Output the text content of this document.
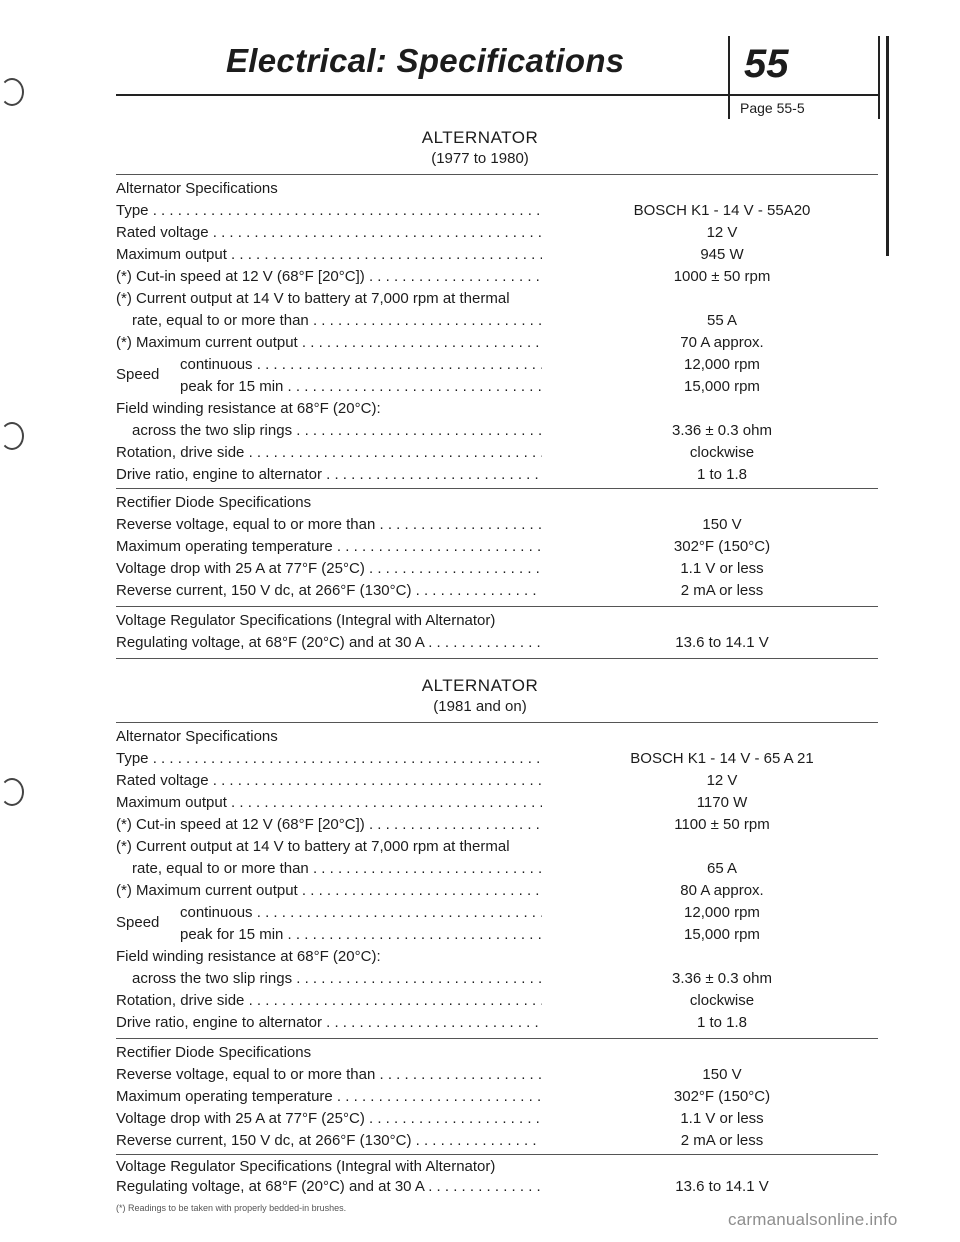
Electrical: Specifications	55
Page 55-5
ALTERNATOR
(1977 to 1980)
Alternator Specifications
Type . . .	BOSCH K1 - 14 V - 55A20
Rated voltage . . .	12 V
Maximum output . . .	945 W
(*) Cut-in speed at 12 V (68°F [20°C]) . . .	1000 ± 50 rpm
(*) Current output at 14 V to battery at 7,000 rpm at thermal
rate, equal to or more than . . .	55 A
(*) Maximum current output . . .	70 A approx.
Speed
continuous . . .	12,000 rpm
peak for 15 min . . .	15,000 rpm
Field winding resistance at 68°F (20°C):
across the two slip rings . . .	3.36 ± 0.3 ohm
Rotation, drive side . . .	clockwise
Drive ratio, engine to alternator . . .	1 to 1.8
Rectifier Diode Specifications
Reverse voltage, equal to or more than . . .	150 V
Maximum operating temperature . . .	302°F (150°C)
Voltage drop with 25 A at 77°F (25°C) . . .	1.1 V or less
Reverse current, 150 V dc, at 266°F (130°C) . . .	2 mA or less
Voltage Regulator Specifications (Integral with Alternator)
Regulating voltage, at 68°F (20°C) and at 30 A . . .	13.6 to 14.1 V
ALTERNATOR
(1981 and on)
Alternator Specifications
Type . . .	BOSCH K1 - 14 V - 65 A 21
Rated voltage . . .	12 V
Maximum output . . .	1170 W
(*) Cut-in speed at 12 V (68°F [20°C]) . . .	1100 ± 50 rpm
(*) Current output at 14 V to battery at 7,000 rpm at thermal
rate, equal to or more than . . .	65 A
(*) Maximum current output . . .	80 A approx.
Speed
continuous . . .	12,000 rpm
peak for 15 min . . .	15,000 rpm
Field winding resistance at 68°F (20°C):
across the two slip rings . . .	3.36 ± 0.3 ohm
Rotation, drive side . . .	clockwise
Drive ratio, engine to alternator . . .	1 to 1.8
Rectifier Diode Specifications
Reverse voltage, equal to or more than . . .	150 V
Maximum operating temperature . . .	302°F (150°C)
Voltage drop with 25 A at 77°F (25°C) . . .	1.1 V or less
Reverse current, 150 V dc, at 266°F (130°C) . . .	2 mA or less
Voltage Regulator Specifications (Integral with Alternator)
Regulating voltage, at 68°F (20°C) and at 30 A . . .	13.6 to 14.1 V
(*) Readings to be taken with properly bedded-in brushes.
carmanualsonline.info
